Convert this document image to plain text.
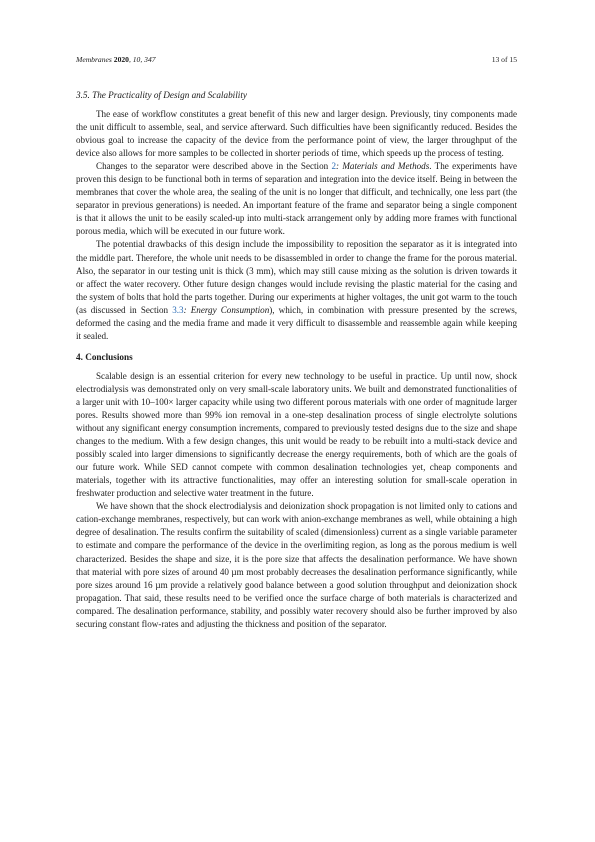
Membranes 2020, 10, 347	13 of 15
3.5. The Practicality of Design and Scalability

The ease of workflow constitutes a great benefit of this new and larger design. Previously, tiny components made the unit difficult to assemble, seal, and service afterward. Such difficulties have been significantly reduced. Besides the obvious goal to increase the capacity of the device from the performance point of view, the larger throughput of the device also allows for more samples to be collected in shorter periods of time, which speeds up the process of testing.

Changes to the separator were described above in the Section 2: Materials and Methods. The experiments have proven this design to be functional both in terms of separation and integration into the device itself. Being in between the membranes that cover the whole area, the sealing of the unit is no longer that difficult, and technically, one less part (the separator in previous generations) is needed. An important feature of the frame and separator being a single component is that it allows the unit to be easily scaled-up into multi-stack arrangement only by adding more frames with functional porous media, which will be executed in our future work.

The potential drawbacks of this design include the impossibility to reposition the separator as it is integrated into the middle part. Therefore, the whole unit needs to be disassembled in order to change the frame for the porous material. Also, the separator in our testing unit is thick (3 mm), which may still cause mixing as the solution is driven towards it or affect the water recovery. Other future design changes would include revising the plastic material for the casing and the system of bolts that hold the parts together. During our experiments at higher voltages, the unit got warm to the touch (as discussed in Section 3.3: Energy Consumption), which, in combination with pressure presented by the screws, deformed the casing and the media frame and made it very difficult to disassemble and reassemble again while keeping it sealed.

4. Conclusions

Scalable design is an essential criterion for every new technology to be useful in practice. Up until now, shock electrodialysis was demonstrated only on very small-scale laboratory units. We built and demonstrated functionalities of a larger unit with 10–100× larger capacity while using two different porous materials with one order of magnitude larger pores. Results showed more than 99% ion removal in a one-step desalination process of single electrolyte solutions without any significant energy consumption increments, compared to previously tested designs due to the size and shape changes to the medium. With a few design changes, this unit would be ready to be rebuilt into a multi-stack device and possibly scaled into larger dimensions to significantly decrease the energy requirements, both of which are the goals of our future work. While SED cannot compete with common desalination technologies yet, cheap components and materials, together with its attractive functionalities, may offer an interesting solution for small-scale operation in freshwater production and selective water treatment in the future.

We have shown that the shock electrodialysis and deionization shock propagation is not limited only to cations and cation-exchange membranes, respectively, but can work with anion-exchange membranes as well, while obtaining a high degree of desalination. The results confirm the suitability of scaled (dimensionless) current as a single variable parameter to estimate and compare the performance of the device in the overlimiting region, as long as the porous medium is well characterized. Besides the shape and size, it is the pore size that affects the desalination performance. We have shown that material with pore sizes of around 40 µm most probably decreases the desalination performance significantly, while pore sizes around 16 µm provide a relatively good balance between a good solution throughput and deionization shock propagation. That said, these results need to be verified once the surface charge of both materials is characterized and compared. The desalination performance, stability, and possibly water recovery should also be further improved by also securing constant flow-rates and adjusting the thickness and position of the separator.
